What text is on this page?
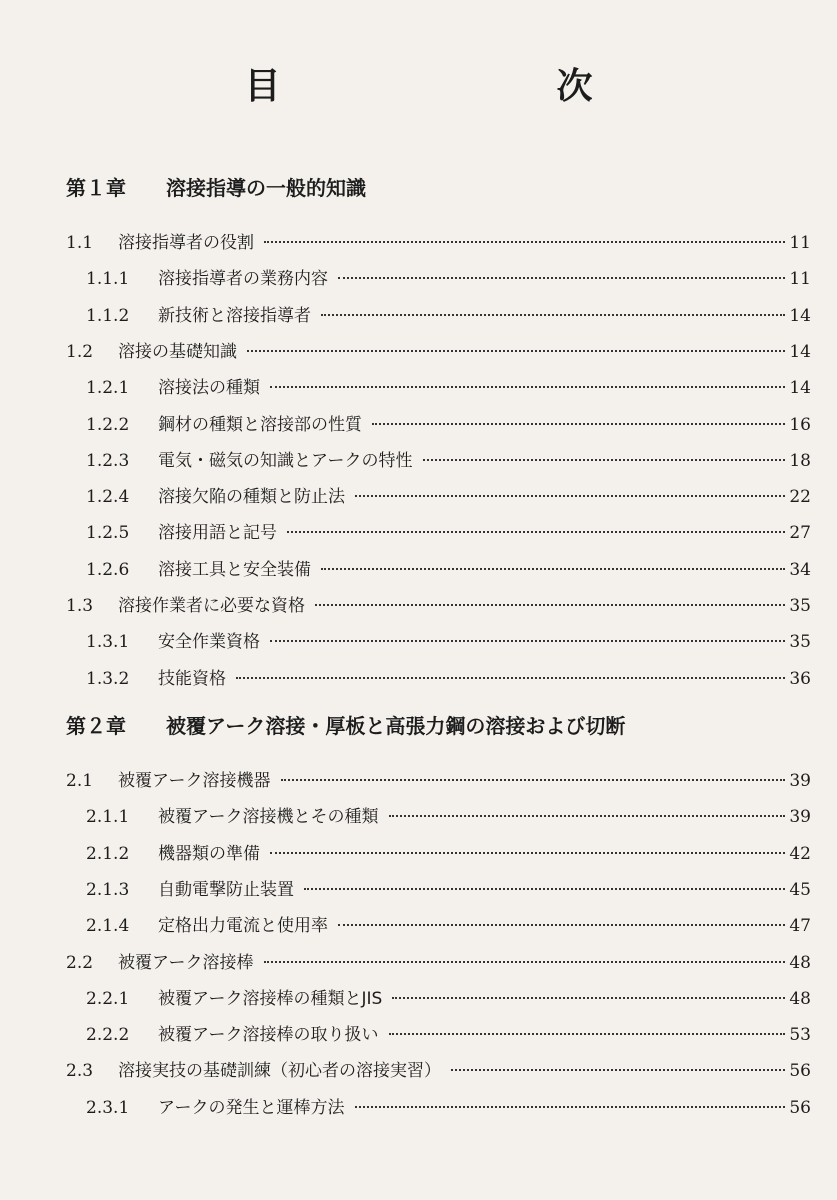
目　次
第１章 溶接指導の一般的知識
1.1	溶接指導者の役割	11
1.1.1	溶接指導者の業務内容	11
1.1.2	新技術と溶接指導者	14
1.2	溶接の基礎知識	14
1.2.1	溶接法の種類	14
1.2.2	鋼材の種類と溶接部の性質	16
1.2.3	電気・磁気の知識とアークの特性	18
1.2.4	溶接欠陥の種類と防止法	22
1.2.5	溶接用語と記号	27
1.2.6	溶接工具と安全装備	34
1.3	溶接作業者に必要な資格	35
1.3.1	安全作業資格	35
1.3.2	技能資格	36
第２章 被覆アーク溶接・厚板と高張力鋼の溶接および切断
2.1	被覆アーク溶接機器	39
2.1.1	被覆アーク溶接機とその種類	39
2.1.2	機器類の準備	42
2.1.3	自動電撃防止装置	45
2.1.4	定格出力電流と使用率	47
2.2	被覆アーク溶接棒	48
2.2.1	被覆アーク溶接棒の種類とJIS	48
2.2.2	被覆アーク溶接棒の取り扱い	53
2.3	溶接実技の基礎訓練（初心者の溶接実習）	56
2.3.1	アークの発生と運棒方法	56
